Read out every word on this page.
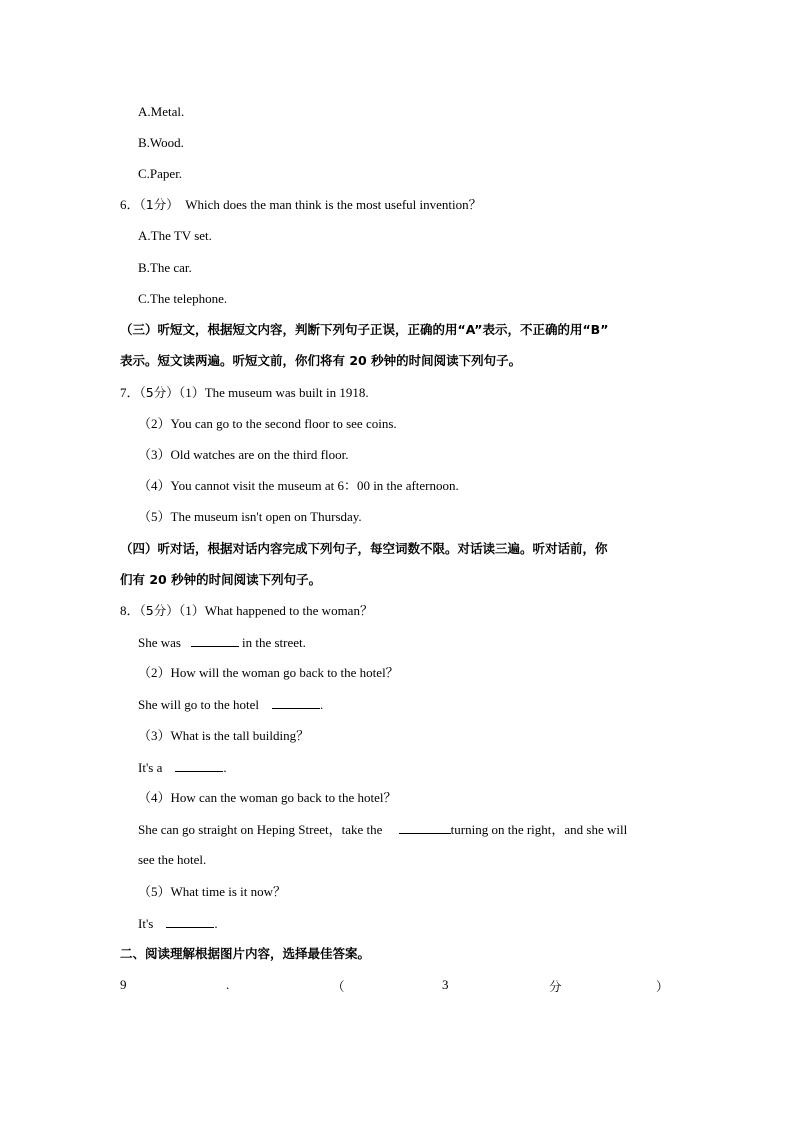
A.Metal.
B.Wood.
C.Paper.
6．（1分） Which does the man think is the most useful invention？
A.The TV set.
B.The car.
C.The telephone.
（三）听短文，根据短文内容，判断下列句子正误，正确的用“A”表示，不正确的用“B”
表示。短文读两遍。听短文前，你们将有 20 秒钟的时间阅读下列句子。
7．（5分）（1）The museum was built in 1918.
（2）You can go to the second floor to see coins.
（3）Old watches are on the third floor.
（4）You cannot visit the museum at 6：00 in the afternoon.
（5）The museum isn't open on Thursday.
（四）听对话，根据对话内容完成下列句子，每空词数不限。对话读三遍。听对话前，你
们有 20 秒钟的时间阅读下列句子。
8．（5分）（1）What happened to the woman？
She was	in the street.
（2）How will the woman go back to the hotel？
She will go to the hotel	.
（3）What is the tall building？
It's a	.
（4）How can the woman go back to the hotel？
She can go straight on Heping Street，take the	turning on the right，and she will
see the hotel.
（5）What time is it now？
It's	.
二、阅读理解根据图片内容，选择最佳答案。
9	.	（	3	分	）
